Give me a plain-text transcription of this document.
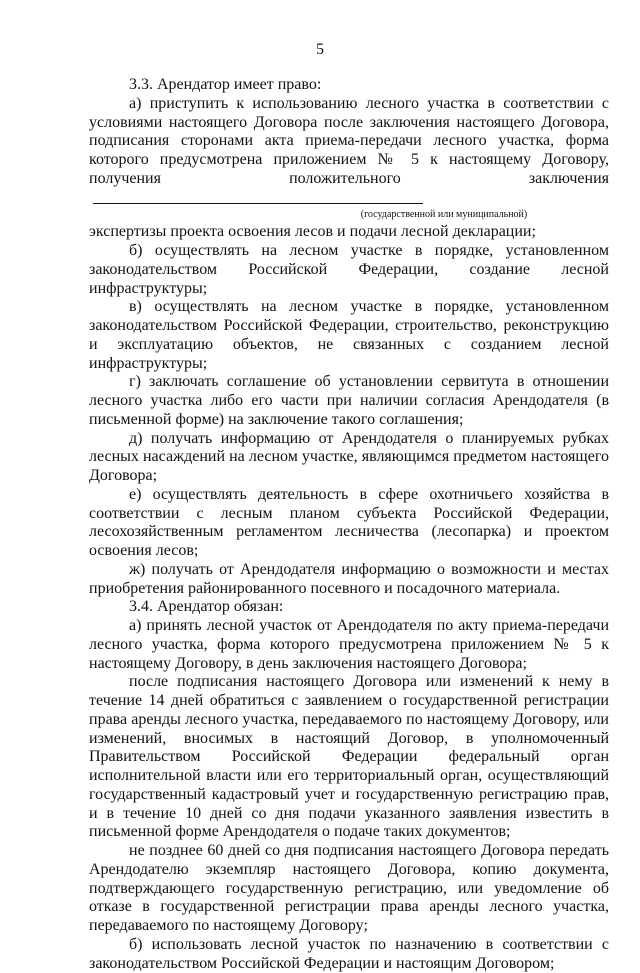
5

3.3. Арендатор имеет право:

а) приступить к использованию лесного участка в соответствии с условиями настоящего Договора после заключения настоящего Договора, подписания сторонами акта приема-передачи лесного участка, форма которого предусмотрена приложением № 5 к настоящему Договору, получения положительного заключения

(государственной или муниципальной)

экспертизы проекта освоения лесов и подачи лесной декларации;

б) осуществлять на лесном участке в порядке, установленном законодательством Российской Федерации, создание лесной инфраструктуры;

в) осуществлять на лесном участке в порядке, установленном законодательством Российской Федерации, строительство, реконструкцию и эксплуатацию объектов, не связанных с созданием лесной инфраструктуры;

г) заключать соглашение об установлении сервитута в отношении лесного участка либо его части при наличии согласия Арендодателя (в письменной форме) на заключение такого соглашения;

д) получать информацию от Арендодателя о планируемых рубках лесных насаждений на лесном участке, являющимся предметом настоящего Договора;

е) осуществлять деятельность в сфере охотничьего хозяйства в соответствии с лесным планом субъекта Российской Федерации, лесохозяйственным регламентом лесничества (лесопарка) и проектом освоения лесов;

ж) получать от Арендодателя информацию о возможности и местах приобретения районированного посевного и посадочного материала.

3.4. Арендатор обязан:

а) принять лесной участок от Арендодателя по акту приема-передачи лесного участка, форма которого предусмотрена приложением № 5 к настоящему Договору, в день заключения настоящего Договора;

после подписания настоящего Договора или изменений к нему в течение 14 дней обратиться с заявлением о государственной регистрации права аренды лесного участка, передаваемого по настоящему Договору, или изменений, вносимых в настоящий Договор, в уполномоченный Правительством Российской Федерации федеральный орган исполнительной власти или его территориальный орган, осуществляющий государственный кадастровый учет и государственную регистрацию прав, и в течение 10 дней со дня подачи указанного заявления известить в письменной форме Арендодателя о подаче таких документов;

не позднее 60 дней со дня подписания настоящего Договора передать Арендодателю экземпляр настоящего Договора, копию документа, подтверждающего государственную регистрацию, или уведомление об отказе в государственной регистрации права аренды лесного участка, передаваемого по настоящему Договору;

б) использовать лесной участок по назначению в соответствии с законодательством Российской Федерации и настоящим Договором;
